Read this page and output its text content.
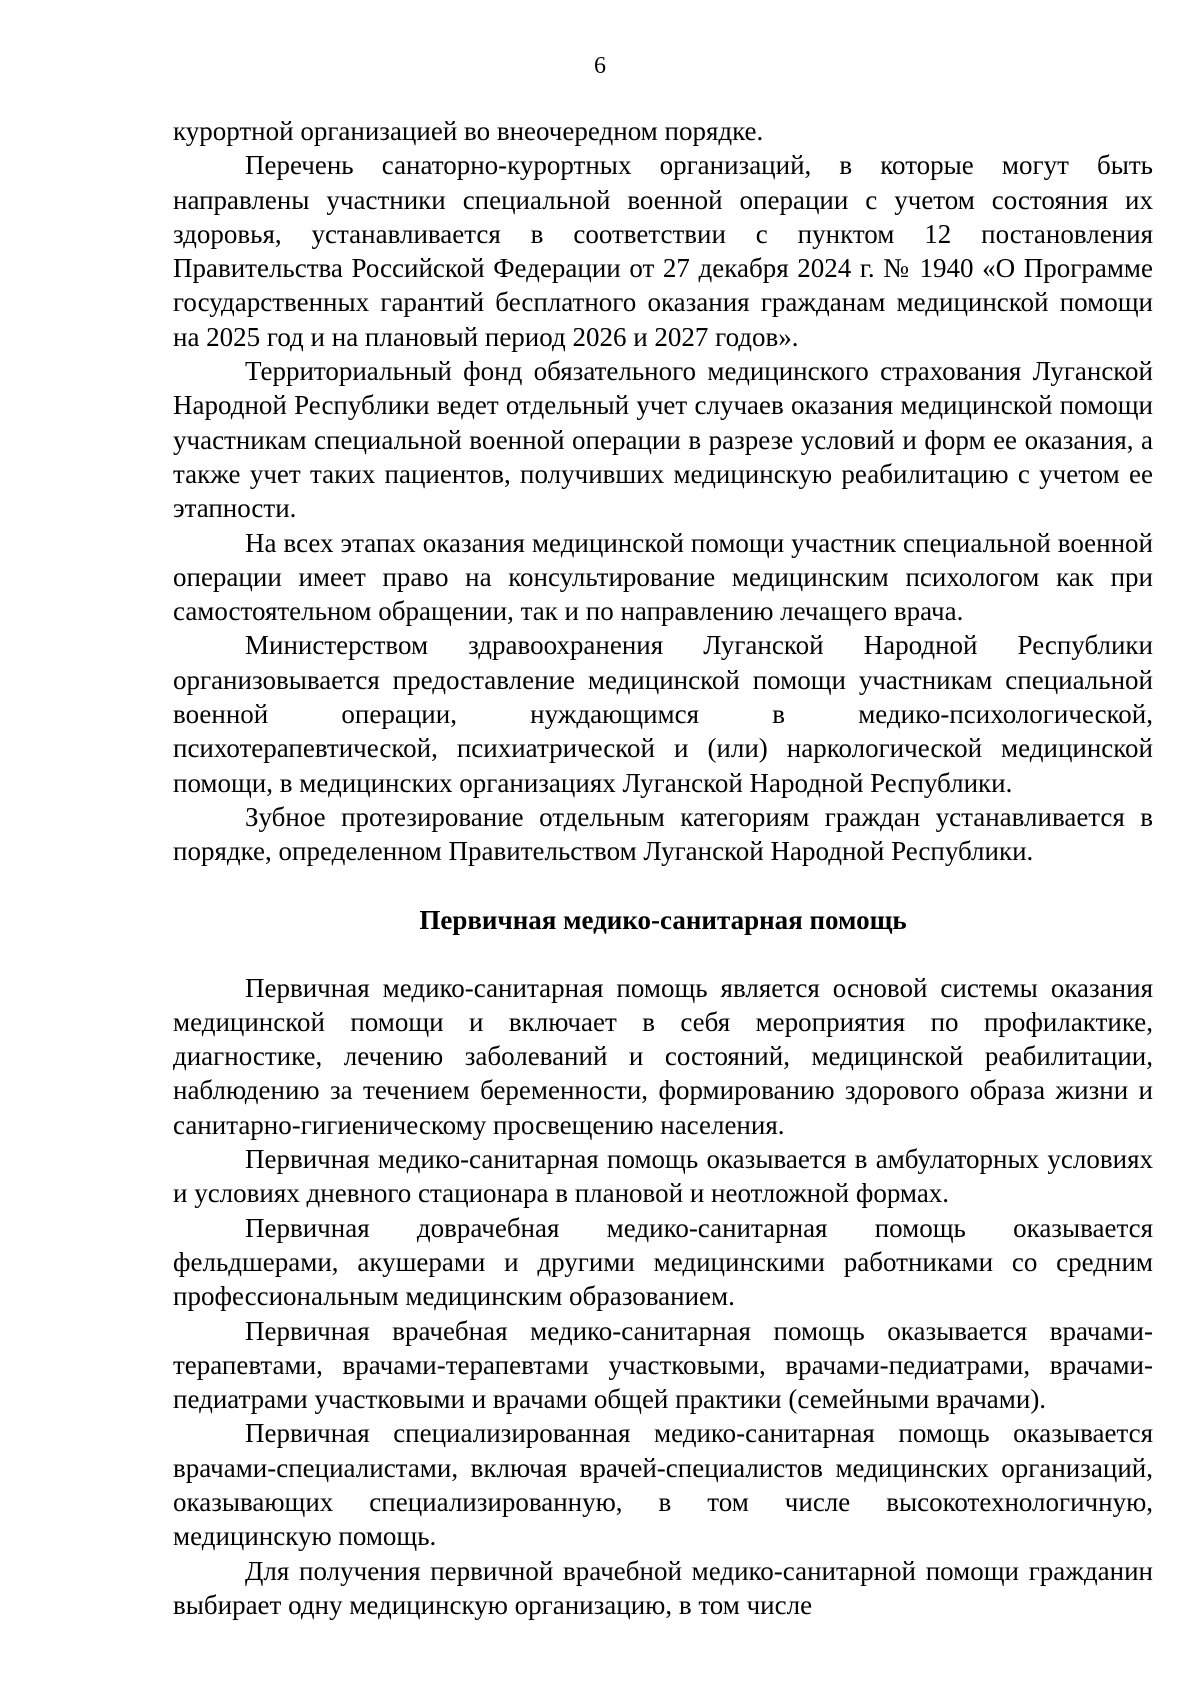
6

курортной организацией во внеочередном порядке.

Перечень санаторно-курортных организаций, в которые могут быть направлены участники специальной военной операции с учетом состояния их здоровья, устанавливается в соответствии с пунктом 12 постановления Правительства Российской Федерации от 27 декабря 2024 г. № 1940 «О Программе государственных гарантий бесплатного оказания гражданам медицинской помощи на 2025 год и на плановый период 2026 и 2027 годов».

Территориальный фонд обязательного медицинского страхования Луганской Народной Республики ведет отдельный учет случаев оказания медицинской помощи участникам специальной военной операции в разрезе условий и форм ее оказания, а также учет таких пациентов, получивших медицинскую реабилитацию с учетом ее этапности.

На всех этапах оказания медицинской помощи участник специальной военной операции имеет право на консультирование медицинским психологом как при самостоятельном обращении, так и по направлению лечащего врача.

Министерством здравоохранения Луганской Народной Республики организовывается предоставление медицинской помощи участникам специальной военной операции, нуждающимся в медико-психологической, психотерапевтической, психиатрической и (или) наркологической медицинской помощи, в медицинских организациях Луганской Народной Республики.

Зубное протезирование отдельным категориям граждан устанавливается в порядке, определенном Правительством Луганской Народной Республики.

Первичная медико-санитарная помощь

Первичная медико-санитарная помощь является основой системы оказания медицинской помощи и включает в себя мероприятия по профилактике, диагностике, лечению заболеваний и состояний, медицинской реабилитации, наблюдению за течением беременности, формированию здорового образа жизни и санитарно-гигиеническому просвещению населения.

Первичная медико-санитарная помощь оказывается в амбулаторных условиях и условиях дневного стационара в плановой и неотложной формах.

Первичная доврачебная медико-санитарная помощь оказывается фельдшерами, акушерами и другими медицинскими работниками со средним профессиональным медицинским образованием.

Первичная врачебная медико-санитарная помощь оказывается врачами-терапевтами, врачами-терапевтами участковыми, врачами-педиатрами, врачами-педиатрами участковыми и врачами общей практики (семейными врачами).

Первичная специализированная медико-санитарная помощь оказывается врачами-специалистами, включая врачей-специалистов медицинских организаций, оказывающих специализированную, в том числе высокотехнологичную, медицинскую помощь.

Для получения первичной врачебной медико-санитарной помощи гражданин выбирает одну медицинскую организацию, в том числе
